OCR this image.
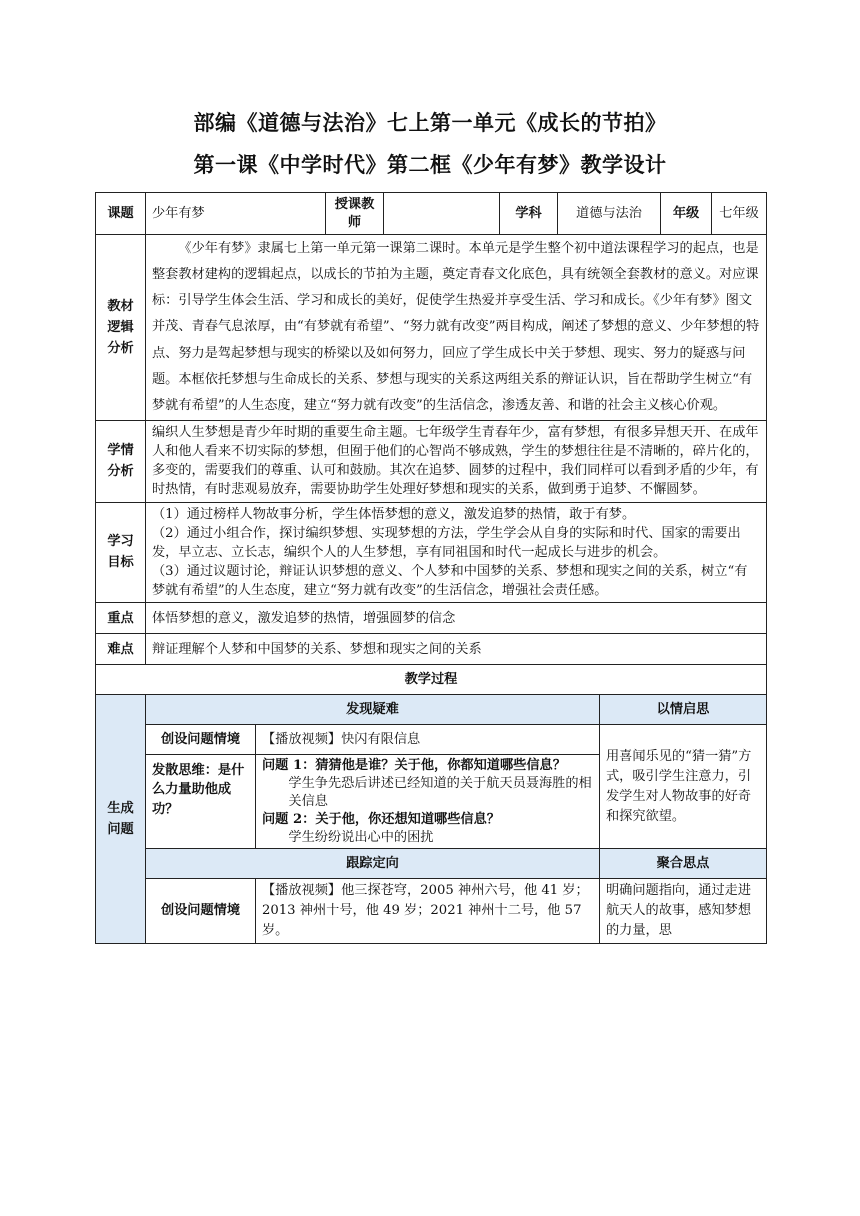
部编《道德与法治》七上第一单元《成长的节拍》
第一课《中学时代》第二框《少年有梦》教学设计
课题	少年有梦		授课教师		学科	道德与法治		年级	七年级
教材逻辑分析	《少年有梦》隶属七上第一单元第一课第二课时。本单元是学生整个初中道法课程学习的起点，也是整套教材建构的逻辑起点，以成长的节拍为主题，奠定青春文化底色，具有统领全套教材的意义。对应课标：引导学生体会生活、学习和成长的美好，促使学生热爱并享受生活、学习和成长。《少年有梦》图文并茂、青春气息浓厚，由“有梦就有希望”、“努力就有改变”两目构成，阐述了梦想的意义、少年梦想的特点、努力是驾起梦想与现实的桥梁以及如何努力，回应了学生成长中关于梦想、现实、努力的疑惑与问题。本框依托梦想与生命成长的关系、梦想与现实的关系这两组关系的辩证认识，旨在帮助学生树立“有梦就有希望”的人生态度，建立“努力就有改变”的生活信念，渗透友善、和谐的社会主义核心价观。								

学情分析	编织人生梦想是青少年时期的重要生命主题。七年级学生青春年少，富有梦想，有很多异想天开、在成年人和他人看来不切实际的梦想，但囿于他们的心智尚不够成熟，学生的梦想往往是不清晰的，碎片化的，多变的，需要我们的尊重、认可和鼓励。其次在追梦、圆梦的过程中，我们同样可以看到矛盾的少年，有时热情，有时悲观易放弃，需要协助学生处理好梦想和现实的关系，做到勇于追梦、不懈圆梦。								

学习目标	（1）通过榜样人物故事分析，学生体悟梦想的意义，激发追梦的热情，敢于有梦。

（2）通过小组合作，探讨编织梦想、实现梦想的方法，学生学会从自身的实际和时代、国家的需要出发，早立志、立长志，编织个人的人生梦想，享有同祖国和时代一起成长与进步的机会。

（3）通过议题讨论，辩证认识梦想的意义、个人梦和中国梦的关系、梦想和现实之间的关系，树立“有梦就有希望”的人生态度，建立“努力就有改变”的生活信念，增强社会责任感。								

重点	体悟梦想的意义，激发追梦的热情，增强圆梦的信念								
难点	辩证理解个人梦和中国梦的关系、梦想和现实之间的关系								
教学过程									
生成问题	发现疑难						以情启思		
	创设问题情境	【播放视频】快闪有限信息					用喜闻乐见的“猜一猜”方式，吸引学生注意力，引发学生对人物故事的好奇和探究欲望。		
	发散思维：是什么力量助他成功？	问题 1：猜猜他是谁？关于他，你都知道哪些信息？
学生争先恐后讲述已经知道的关于航天员聂海胜的相关信息
问题 2：关于他，你还想知道哪些信息？
学生纷纷说出心中的困扰							

	跟踪定向						聚合思点		
	创设问题情境	【播放视频】他三探苍穹，2005 神州六号，他 41 岁；2013 神州十号，他 49 岁；2021 神州十二号，他 57 岁。					明确问题指向，通过走进航天人的故事，感知梦想的力量，思		
